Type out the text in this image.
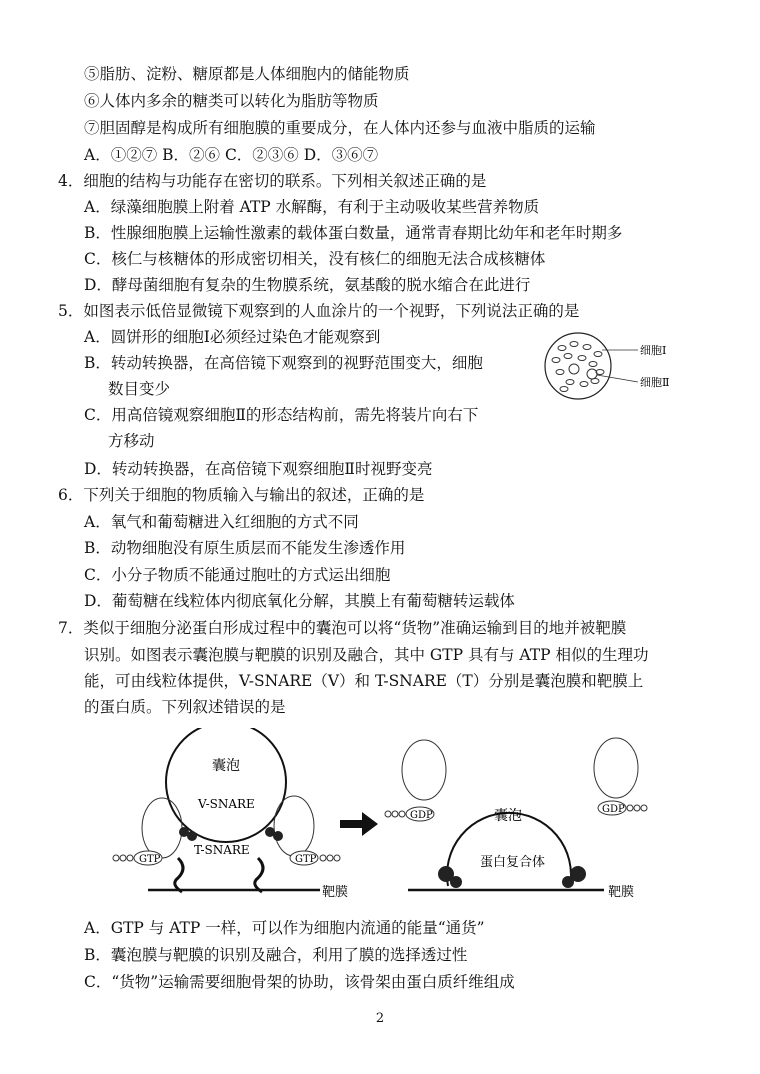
⑤脂肪、淀粉、糖原都是人体细胞内的储能物质
⑥人体内多余的糖类可以转化为脂肪等物质
⑦胆固醇是构成所有细胞膜的重要成分，在人体内还参与血液中脂质的运输
A．①②⑦ B．②⑥ C．②③⑥ D．③⑥⑦
4．细胞的结构与功能存在密切的联系。下列相关叙述正确的是
A．绿藻细胞膜上附着 ATP 水解酶，有利于主动吸收某些营养物质
B．性腺细胞膜上运输性激素的载体蛋白数量，通常青春期比幼年和老年时期多
C．核仁与核糖体的形成密切相关，没有核仁的细胞无法合成核糖体
D．酵母菌细胞有复杂的生物膜系统，氨基酸的脱水缩合在此进行
5．如图表示低倍显微镜下观察到的人血涂片的一个视野，下列说法正确的是
A．圆饼形的细胞Ⅰ必须经过染色才能观察到
B．转动转换器，在高倍镜下观察到的视野范围变大，细胞
数目变少
C．用高倍镜观察细胞Ⅱ的形态结构前，需先将装片向右下
方移动
D．转动转换器，在高倍镜下观察细胞Ⅱ时视野变亮
6．下列关于细胞的物质输入与输出的叙述，正确的是
A．氧气和葡萄糖进入红细胞的方式不同
B．动物细胞没有原生质层而不能发生渗透作用
C．小分子物质不能通过胞吐的方式运出细胞
D．葡萄糖在线粒体内彻底氧化分解，其膜上有葡萄糖转运载体
7．类似于细胞分泌蛋白形成过程中的囊泡可以将“货物”准确运输到目的地并被靶膜
识别。如图表示囊泡膜与靶膜的识别及融合，其中 GTP 具有与 ATP 相似的生理功
能，可由线粒体提供，V-SNARE（V）和 T-SNARE（T）分别是囊泡膜和靶膜上
的蛋白质。下列叙述错误的是
A．GTP 与 ATP 一样，可以作为细胞内流通的能量“通货”
B．囊泡膜与靶膜的识别及融合，利用了膜的选择透过性
C．“货物”运输需要细胞骨架的协助，该骨架由蛋白质纤维组成
细胞Ⅰ
细胞Ⅱ
囊泡
V-SNARE
T-SNARE
GTP	GTP
靶膜
囊泡
GDP
GDP
蛋白复合体
靶膜
2
